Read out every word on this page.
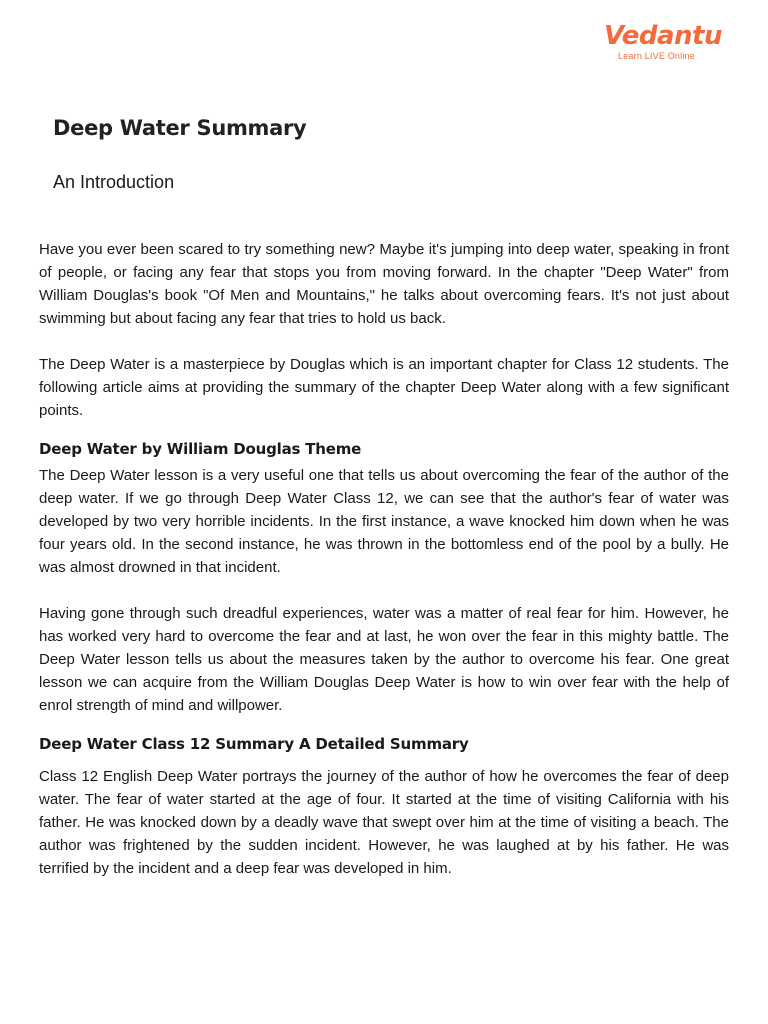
Vedantu
Learn LIVE Online
Deep Water Summary
An Introduction

Have you ever been scared to try something new? Maybe it's jumping into deep water, speaking in front of people, or facing any fear that stops you from moving forward. In the chapter "Deep Water" from William Douglas's book "Of Men and Mountains," he talks about overcoming fears. It's not just about swimming but about facing any fear that tries to hold us back.

The Deep Water is a masterpiece by Douglas which is an important chapter for Class 12 students. The following article aims at providing the summary of the chapter Deep Water along with a few significant points.

Deep Water by William Douglas Theme

The Deep Water lesson is a very useful one that tells us about overcoming the fear of the author of the deep water. If we go through Deep Water Class 12, we can see that the author's fear of water was developed by two very horrible incidents. In the first instance, a wave knocked him down when he was four years old. In the second instance, he was thrown in the bottomless end of the pool by a bully. He was almost drowned in that incident.

Having gone through such dreadful experiences, water was a matter of real fear for him. However, he has worked very hard to overcome the fear and at last, he won over the fear in this mighty battle. The Deep Water lesson tells us about the measures taken by the author to overcome his fear. One great lesson we can acquire from the William Douglas Deep Water is how to win over fear with the help of enrol strength of mind and willpower.

Deep Water Class 12 Summary A Detailed Summary

Class 12 English Deep Water portrays the journey of the author of how he overcomes the fear of deep water. The fear of water started at the age of four. It started at the time of visiting California with his father. He was knocked down by a deadly wave that swept over him at the time of visiting a beach. The author was frightened by the sudden incident. However, he was laughed at by his father. He was terrified by the incident and a deep fear was developed in him.
